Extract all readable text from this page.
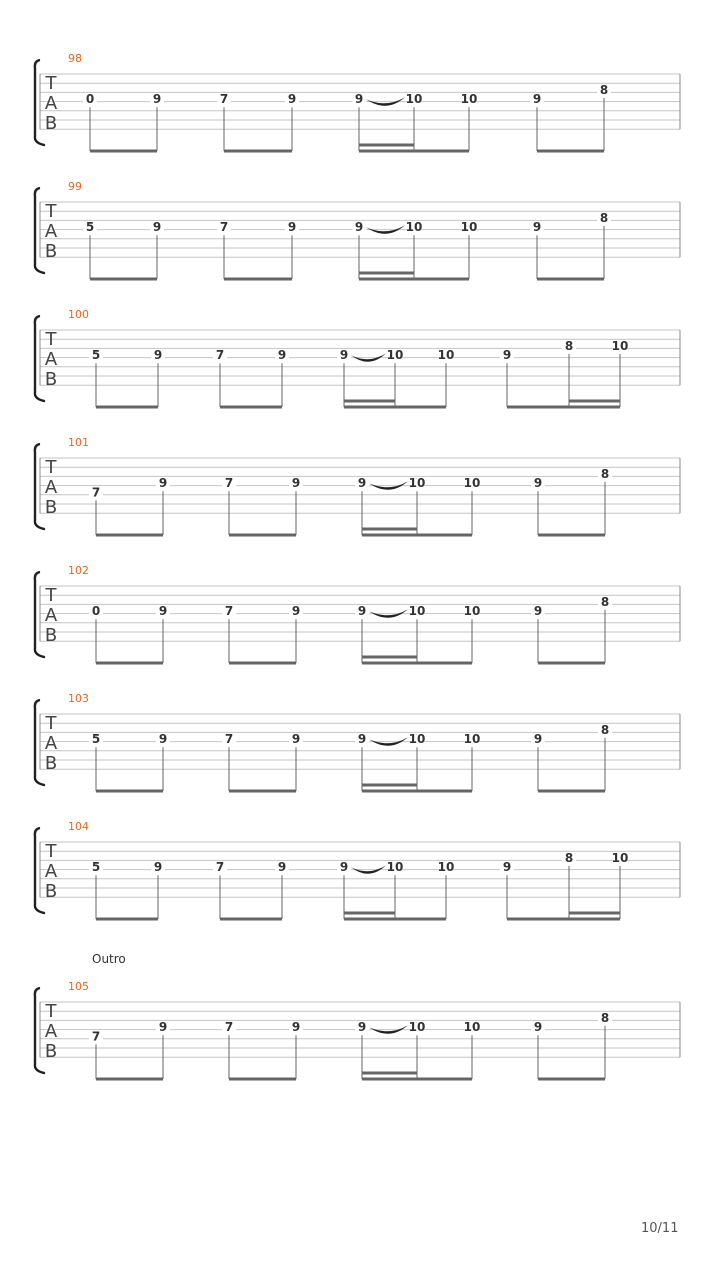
98
T
A
B
0	9	7	9	9	10	10	9
8
99
T
A
B
5	9	7	9	9	10	10	9
8
100
T
A
B
5	9	7	9	9	10	10	9
8	10
101
T
A
B
7
9	7	9	9	10	10	9
8
102
T
A
B
0	9	7	9	9	10	10	9
8
103
T
A
B
5	9	7	9	9	10	10	9
8
104
T
A
B
5	9	7	9	9	10	10	9
8	10
105
T
A
B
7
9	7	9	9	10	10	9
8
Outro
10/11
